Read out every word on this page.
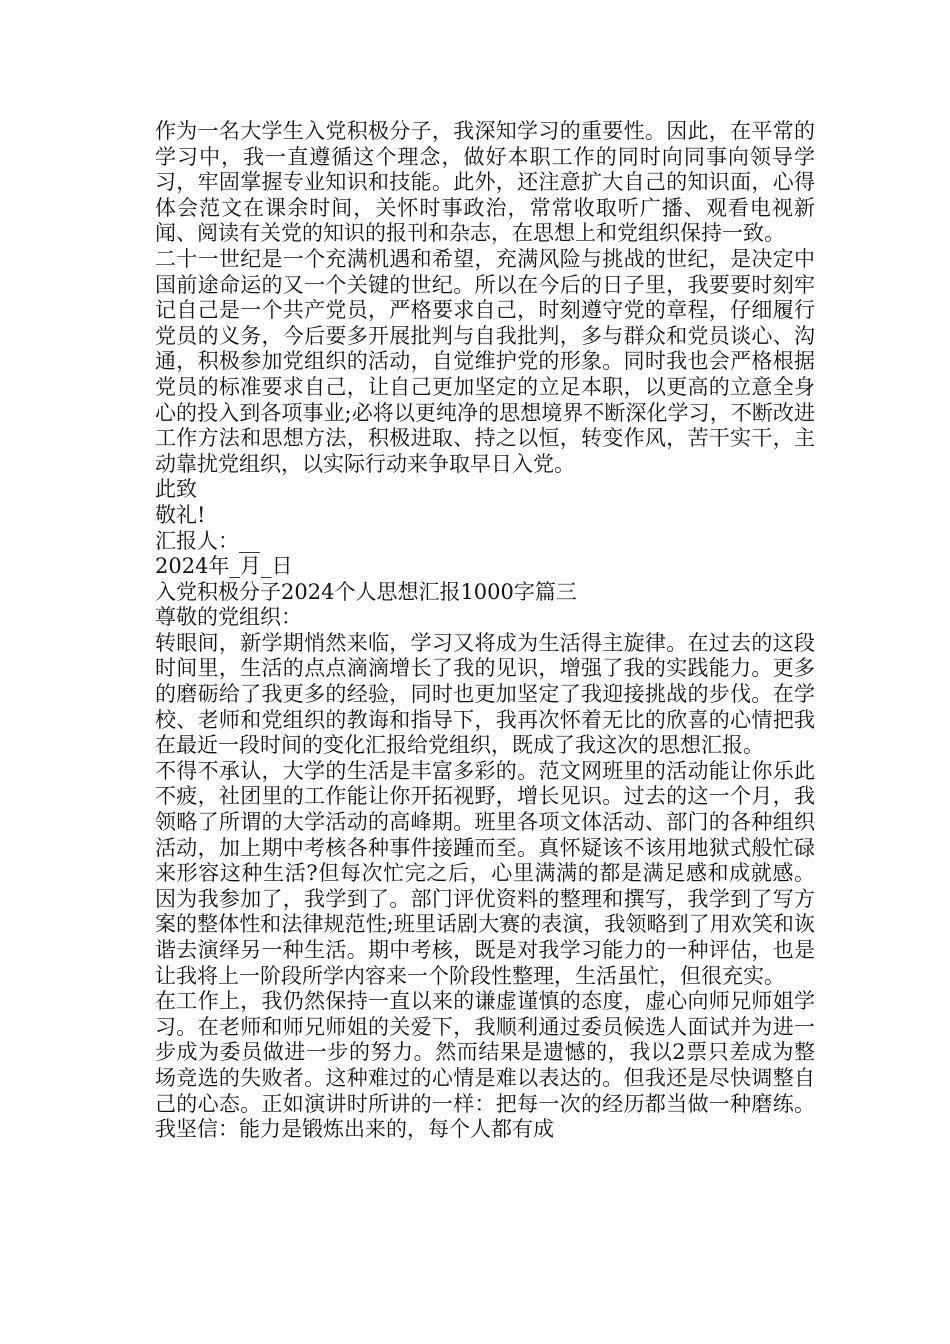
作为一名大学生入党积极分子，我深知学习的重要性。因此，在平常的学习中，我一直遵循这个理念，做好本职工作的同时向同事向领导学习，牢固掌握专业知识和技能。此外，还注意扩大自己的知识面，心得体会范文在课余时间，关怀时事政治，常常收取听广播、观看电视新闻、阅读有关党的知识的报刊和杂志，在思想上和党组织保持一致。

二十一世纪是一个充满机遇和希望，充满风险与挑战的世纪，是决定中国前途命运的又一个关键的世纪。所以在今后的日子里，我要要时刻牢记自己是一个共产党员，严格要求自己，时刻遵守党的章程，仔细履行党员的义务，今后要多开展批判与自我批判，多与群众和党员谈心、沟通，积极参加党组织的活动，自觉维护党的形象。同时我也会严格根据党员的标准要求自己，让自己更加坚定的立足本职，以更高的立意全身心的投入到各项事业;必将以更纯净的思想境界不断深化学习，不断改进工作方法和思想方法，积极进取、持之以恒，转变作风，苦干实干，主动靠扰党组织，以实际行动来争取早日入党。

此致

敬礼!

汇报人：__

2024年_月_日

入党积极分子2024个人思想汇报1000字篇三

尊敬的党组织：

转眼间，新学期悄然来临，学习又将成为生活得主旋律。在过去的这段时间里，生活的点点滴滴增长了我的见识，增强了我的实践能力。更多的磨砺给了我更多的经验，同时也更加坚定了我迎接挑战的步伐。在学校、老师和党组织的教诲和指导下，我再次怀着无比的欣喜的心情把我在最近一段时间的变化汇报给党组织，既成了我这次的思想汇报。

不得不承认，大学的生活是丰富多彩的。范文网班里的活动能让你乐此不疲，社团里的工作能让你开拓视野，增长见识。过去的这一个月，我领略了所谓的大学活动的高峰期。班里各项文体活动、部门的各种组织活动，加上期中考核各种事件接踵而至。真怀疑该不该用地狱式般忙碌来形容这种生活?但每次忙完之后，心里满满的都是满足感和成就感。因为我参加了，我学到了。部门评优资料的整理和撰写，我学到了写方案的整体性和法律规范性;班里话剧大赛的表演，我领略到了用欢笑和诙谐去演绎另一种生活。期中考核，既是对我学习能力的一种评估，也是让我将上一阶段所学内容来一个阶段性整理，生活虽忙，但很充实。

在工作上，我仍然保持一直以来的谦虚谨慎的态度，虚心向师兄师姐学习。在老师和师兄师姐的关爱下，我顺利通过委员候选人面试并为进一步成为委员做进一步的努力。然而结果是遗憾的，我以2票只差成为整场竞选的失败者。这种难过的心情是难以表达的。但我还是尽快调整自己的心态。正如演讲时所讲的一样：把每一次的经历都当做一种磨练。我坚信：能力是锻炼出来的，每个人都有成
